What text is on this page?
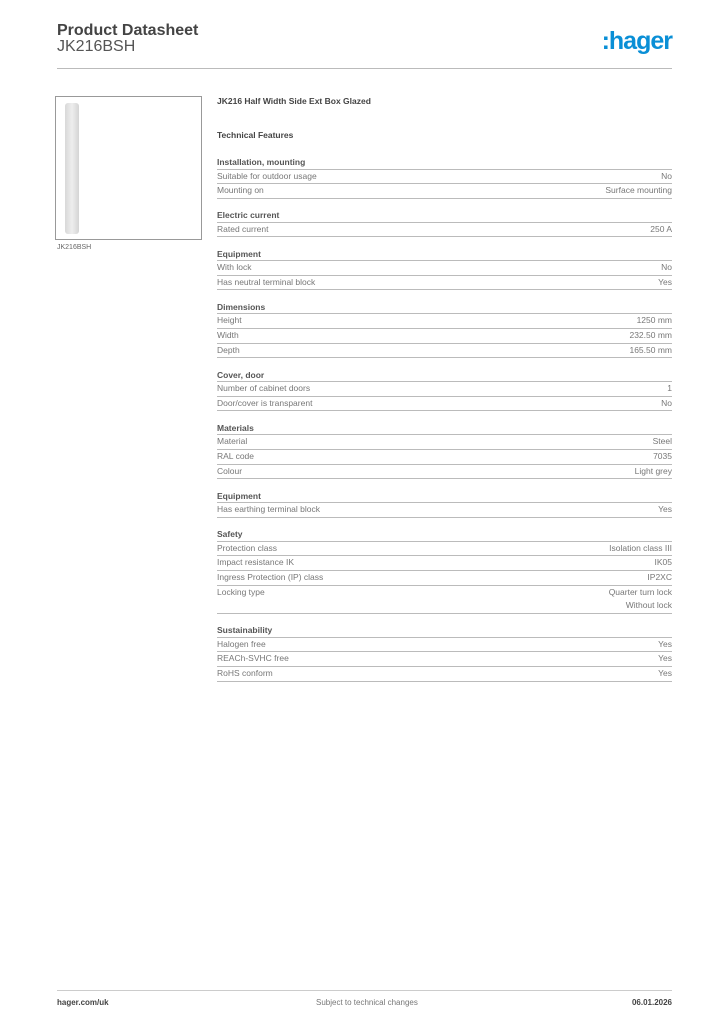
Product Datasheet
JK216BSH	:hager
JK216BSH
JK216 Half Width Side Ext Box Glazed
Technical Features
Installation, mounting
Suitable for outdoor usage	No
Mounting on	Surface mounting
Electric current
Rated current	250 A
Equipment
With lock	No
Has neutral terminal block	Yes
Dimensions
Height	1250 mm
Width	232.50 mm
Depth	165.50 mm
Cover, door
Number of cabinet doors	1
Door/cover is transparent	No
Materials
Material	Steel
RAL code	7035
Colour	Light grey
Equipment
Has earthing terminal block	Yes
Safety
Protection class	Isolation class III
Impact resistance IK	IK05
Ingress Protection (IP) class	IP2XC
Locking type	Quarter turn lock
Without lock
Sustainability
Halogen free	Yes
REACh-SVHC free	Yes
RoHS conform	Yes
hager.com/uk	Subject to technical changes	06.01.2026
